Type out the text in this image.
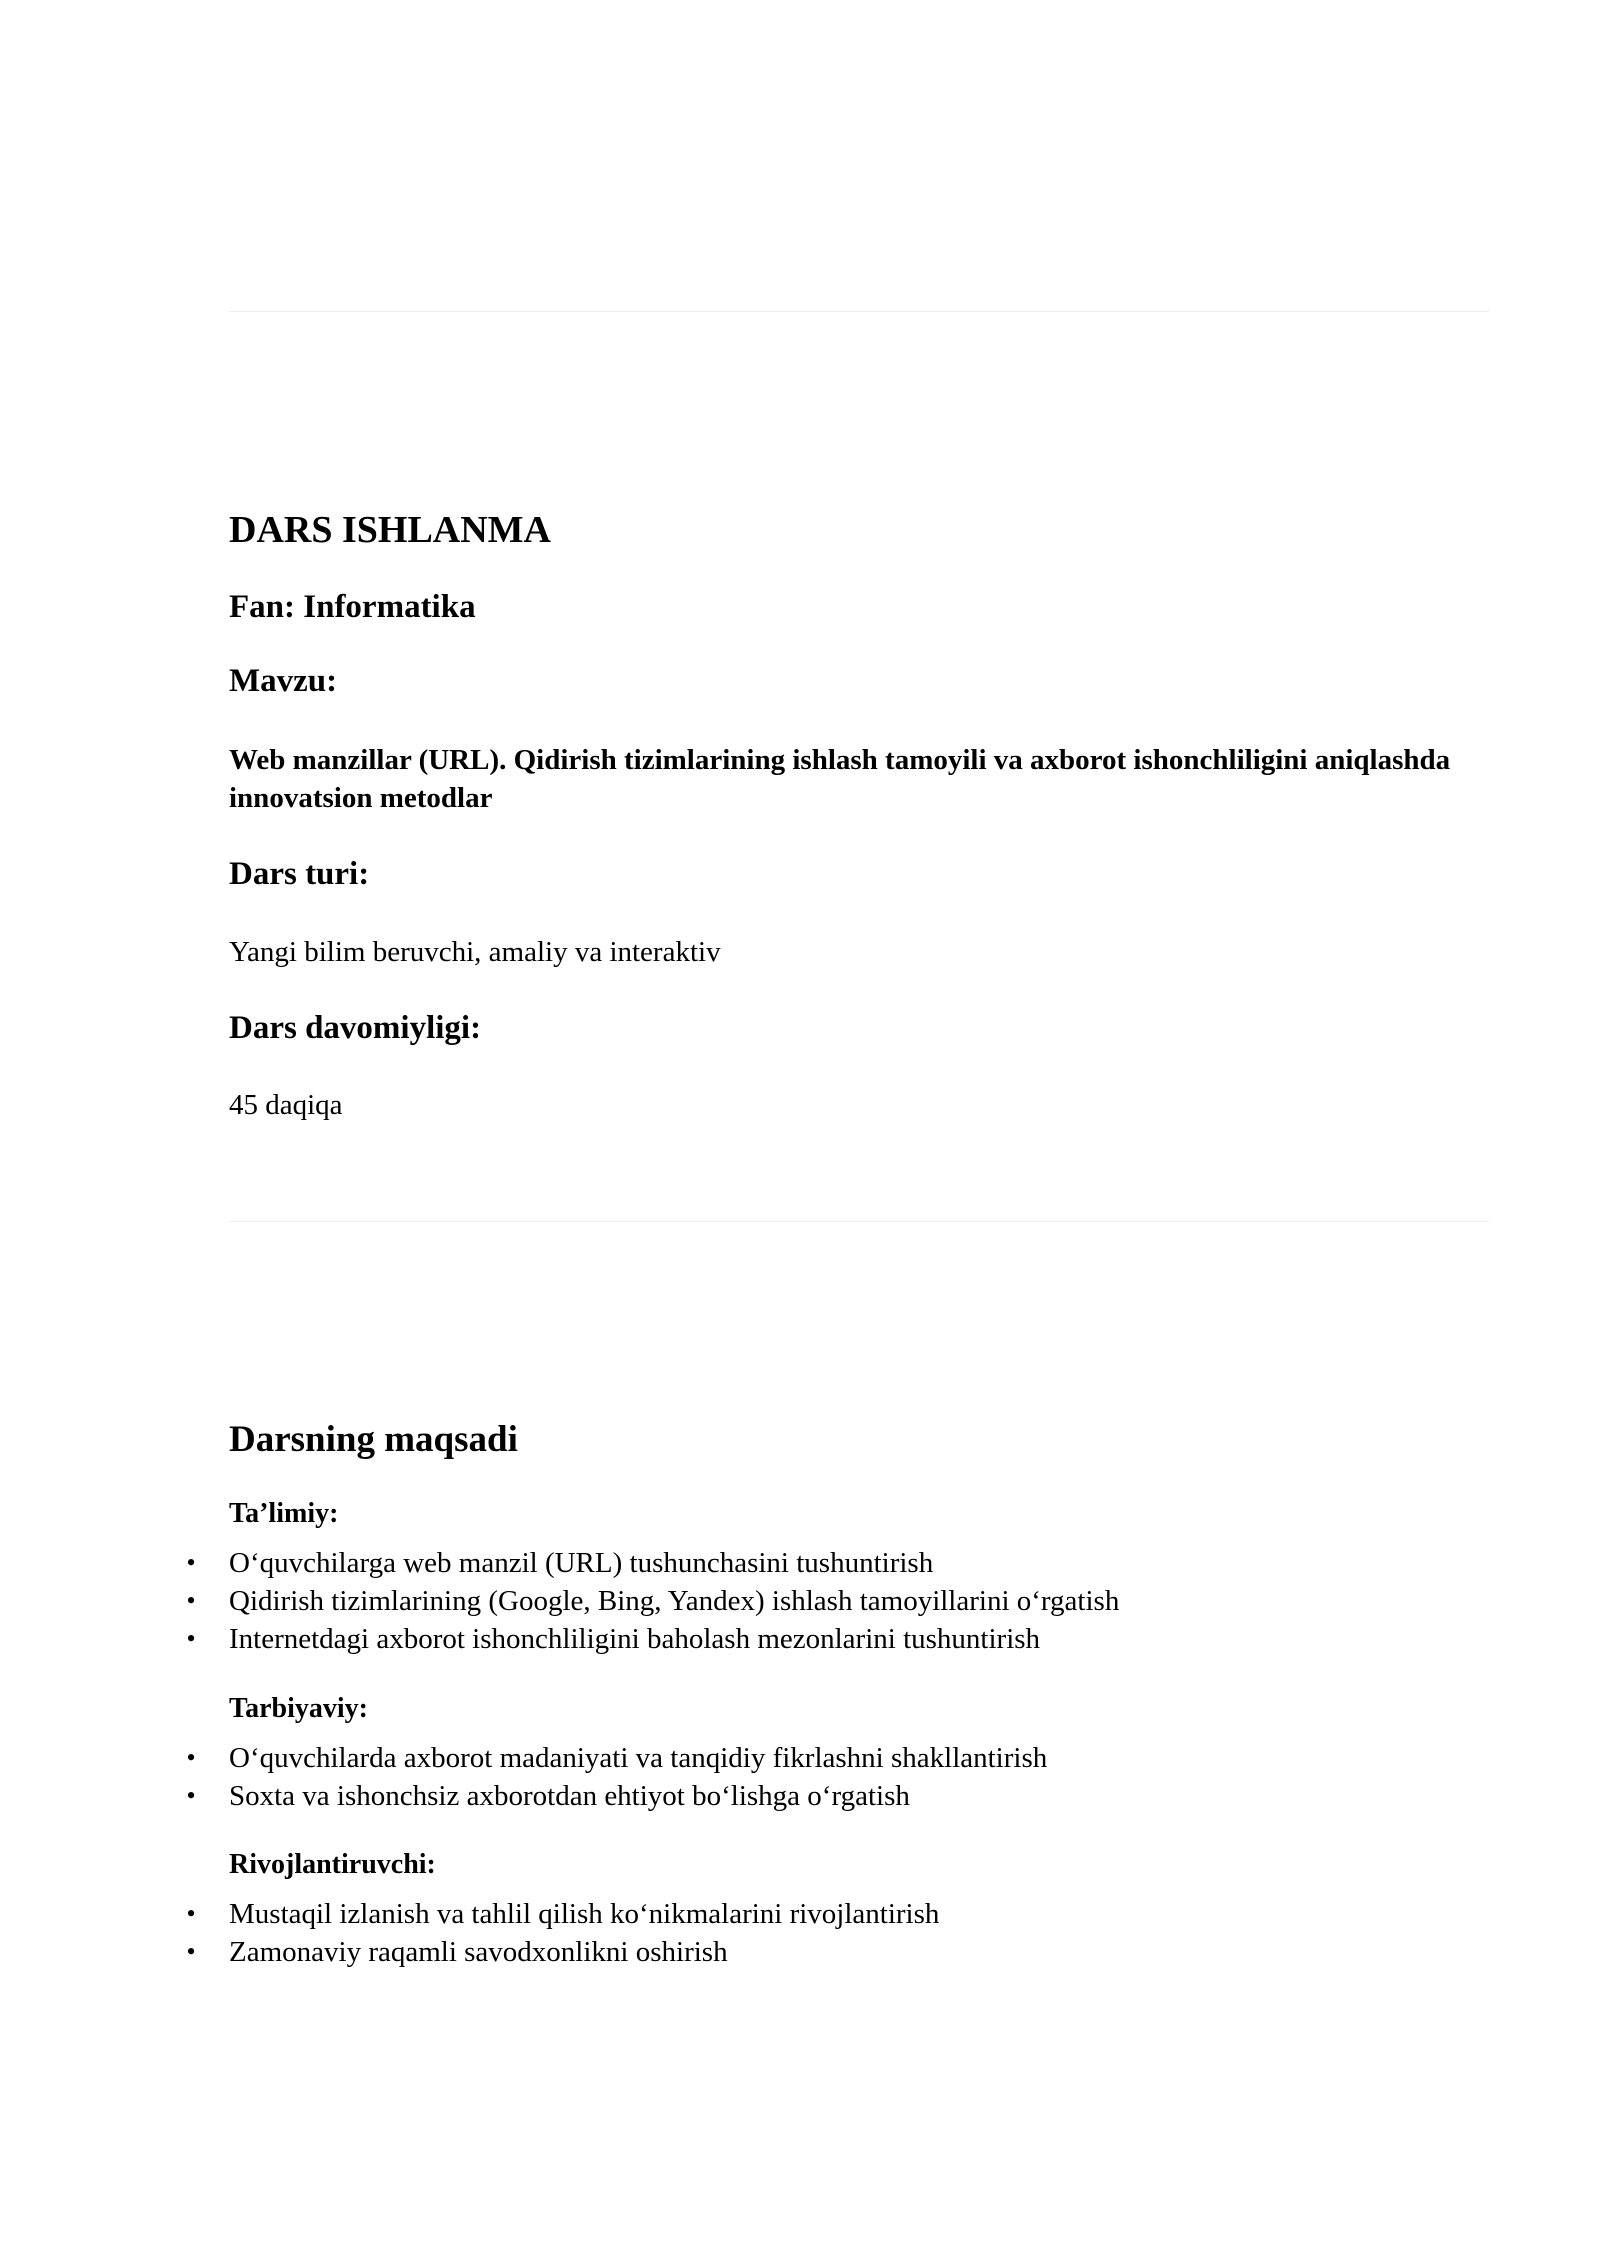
DARS ISHLANMA
Fan: Informatika
Mavzu:

Web manzillar (URL). Qidirish tizimlarining ishlash tamoyili va axborot ishonchliligini aniqlashda innovatsion metodlar

Dars turi:

Yangi bilim beruvchi, amaliy va interaktiv

Dars davomiyligi:

45 daqiqa

Darsning maqsadi
Ta’limiy:
• O‘quvchilarga web manzil (URL) tushunchasini tushuntirish
• Qidirish tizimlarining (Google, Bing, Yandex) ishlash tamoyillarini o‘rgatish
• Internetdagi axborot ishonchliligini baholash mezonlarini tushuntirish
Tarbiyaviy:
• O‘quvchilarda axborot madaniyati va tanqidiy fikrlashni shakllantirish
• Soxta va ishonchsiz axborotdan ehtiyot bo‘lishga o‘rgatish
Rivojlantiruvchi:
• Mustaqil izlanish va tahlil qilish ko‘nikmalarini rivojlantirish
• Zamonaviy raqamli savodxonlikni oshirish
